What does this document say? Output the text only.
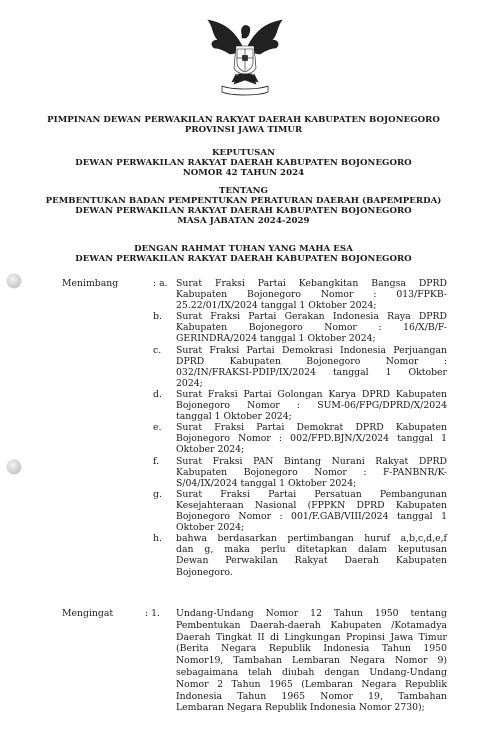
PIMPINAN DEWAN PERWAKILAN RAKYAT DAERAH KABUPATEN BOJONEGORO
PROVINSI JAWA TIMUR
KEPUTUSAN
DEWAN PERWAKILAN RAKYAT DAERAH KABUPATEN BOJONEGORO
NOMOR 42 TAHUN 2024
TENTANG
PEMBENTUKAN BADAN PEMPENTUKAN PERATURAN DAERAH (BAPEMPERDA)
DEWAN PERWAKILAN RAKYAT DAERAH KABUPATEN BOJONEGORO
MASA JABATAN 2024-2029
DENGAN RAHMAT TUHAN YANG MAHA ESA
DEWAN PERWAKILAN RAKYAT DAERAH KABUPATEN BOJONEGORO
Menimbang
Mengingat
: a. Surat Fraksi Partai Kebangkitan Bangsa DPRD
Kabupaten Bojonegoro Nomor : 013/FPKB-
25.22/01/IX/2024 tanggal 1 Oktober 2024;
b. Surat Fraksi Partai Gerakan Indonesia Raya DPRD
Kabupaten Bojonegoro Nomor : 16/X/B/F-
GERINDRA/2024 tanggal 1 Oktober 2024;
c. Surat Fraksi Partai Demokrasi Indonesia Perjuangan
DPRD Kabupaten Bojonegoro Nomor :
032/IN/FRAKSI-PDIP/IX/2024 tanggal 1 Oktober
2024;
d. Surat Fraksi Partai Golongan Karya DPRD Kabupaten
Bojonegoro Nomor : SUM-06/FPG/DPRD/X/2024
tanggal 1 Oktober 2024;
e. Surat Fraksi Partai Demokrat DPRD Kabupaten
Bojonegoro Nomor : 002/FPD.BJN/X/2024 tanggal 1
Oktober 2024;
f. Surat Fraksi PAN Bintang Nurani Rakyat DPRD
Kabupaten Bojonegoro Nomor : F-PANBNR/K-
S/04/IX/2024 tanggal 1 Oktober 2024;
g. Surat Fraksi Partai Persatuan Pembangunan
Kesejahteraan Nasional (FPPKN DPRD Kabupaten
Bojonegoro Nomor : 001/F.GAB/VIII/2024 tanggal 1
Oktober 2024;
h. bahwa berdasarkan pertimbangan huruf a,b,c,d,e,f
dan g, maka perlu ditetapkan dalam keputusan
Dewan Perwakilan Rakyat Daerah Kabupaten
Bojonegoro.
: 1. Undang-Undang Nomor 12 Tahun 1950 tentang
Pembentukan Daerah-daerah Kabupaten /Kotamadya
Daerah Tingkat II di Lingkungan Propinsi Jawa Timur
(Berita Negara Republik Indonesia Tahun 1950
Nomor19, Tambahan Lembaran Negara Nomor 9)
sebagaimana telah diubah dengan Undang-Undang
Nomor 2 Tahun 1965 (Lembaran Negara Republik
Indonesia Tahun 1965 Nomor 19, Tambahan
Lembaran Negara Republik Indonesia Nomor 2730);
